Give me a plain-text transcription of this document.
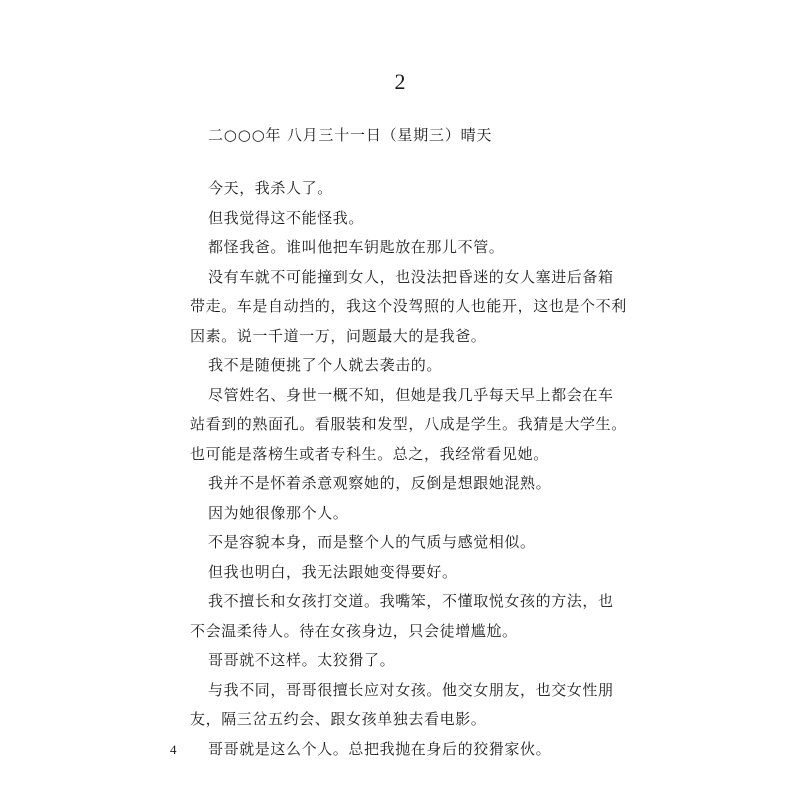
2
二○○○年 八月三十一日（星期三）晴天

今天，我杀人了。

但我觉得这不能怪我。

都怪我爸。谁叫他把车钥匙放在那儿不管。

没有车就不可能撞到女人，也没法把昏迷的女人塞进后备箱
带走。车是自动挡的，我这个没驾照的人也能开，这也是个不利
因素。说一千道一万，问题最大的是我爸。

我不是随便挑了个人就去袭击的。

尽管姓名、身世一概不知，但她是我几乎每天早上都会在车
站看到的熟面孔。看服装和发型，八成是学生。我猜是大学生。
也可能是落榜生或者专科生。总之，我经常看见她。

我并不是怀着杀意观察她的，反倒是想跟她混熟。

因为她很像那个人。

不是容貌本身，而是整个人的气质与感觉相似。

但我也明白，我无法跟她变得要好。

我不擅长和女孩打交道。我嘴笨，不懂取悦女孩的方法，也
不会温柔待人。待在女孩身边，只会徒增尴尬。

哥哥就不这样。太狡猾了。

与我不同，哥哥很擅长应对女孩。他交女朋友，也交女性朋
友，隔三岔五约会、跟女孩单独去看电影。

哥哥就是这么个人。总把我抛在身后的狡猾家伙。

4
